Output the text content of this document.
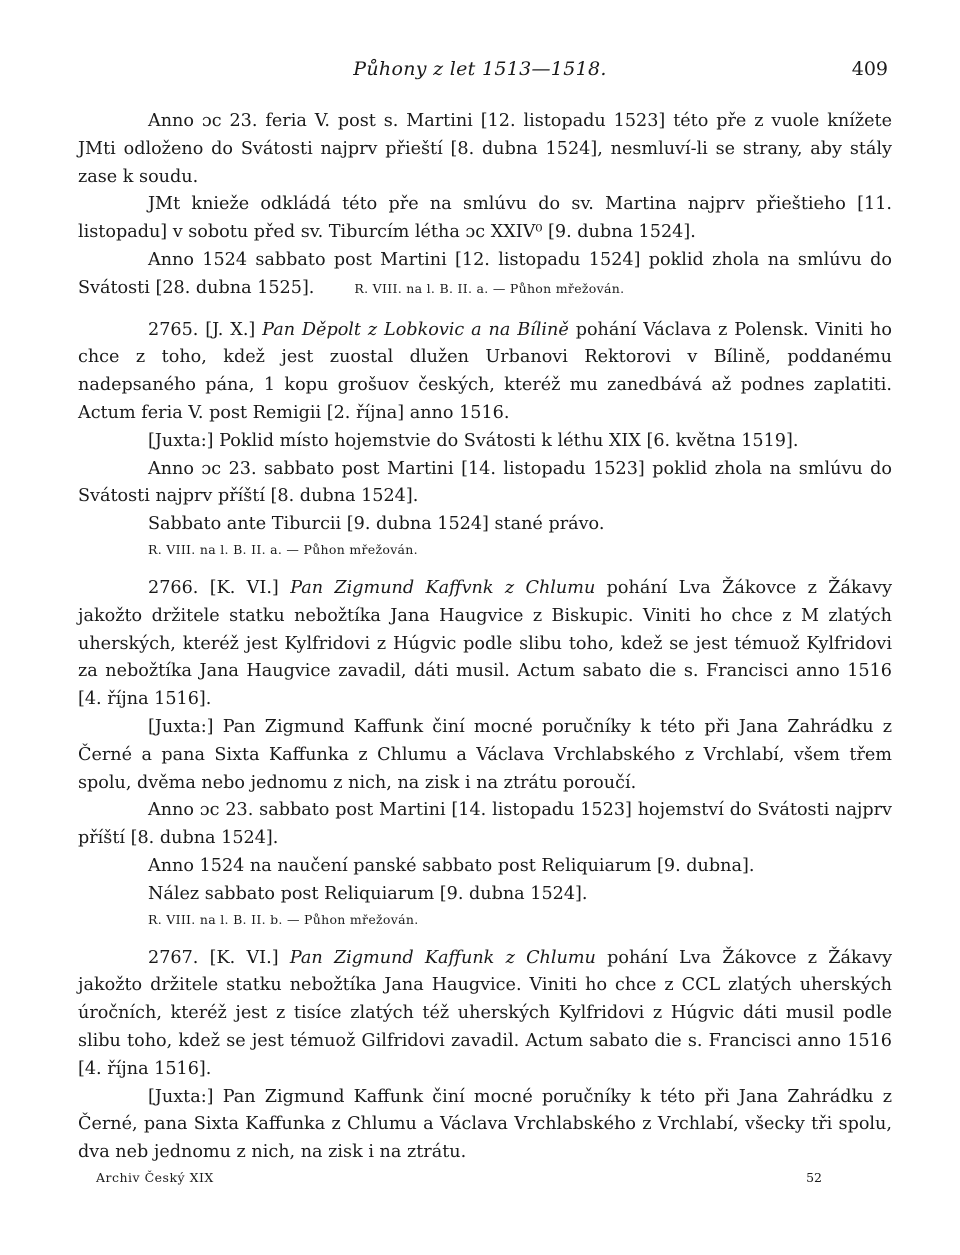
Půhony z let 1513—1518.	409

Anno ɔc 23. feria V. post s. Martini [12. listopadu 1523] této pře z vuole knížete JMti odloženo do Svátosti najprv přieští [8. dubna 1524], nesmluví-li se strany, aby stály zase k soudu.

JMt knieže odkládá této pře na smlúvu do sv. Martina najprv přieštieho [11. listopadu] v sobotu před sv. Tiburcím létha ɔc XXIV⁰ [9. dubna 1524].

Anno 1524 sabbato post Martini [12. listopadu 1524] poklid zhola na smlúvu do Svátosti [28. dubna 1525].	R. VIII. na l. B. II. a. — Půhon mřežován.

2765. [J. X.] Pan Děpolt z Lobkovic a na Bílině pohání Václava z Polensk. Viniti ho chce z toho, kdež jest zuostal dlužen Urbanovi Rektorovi v Bílině, poddanému nadepsaného pána, 1 kopu grošuov českých, kteréž mu zanedbává až podnes zaplatiti. Actum feria V. post Remigii [2. října] anno 1516.

[Juxta:] Poklid místo hojemstvie do Svátosti k léthu XIX [6. května 1519].

Anno ɔc 23. sabbato post Martini [14. listopadu 1523] poklid zhola na smlúvu do Svátosti najprv příští [8. dubna 1524].

Sabbato ante Tiburcii [9. dubna 1524] stané právo.

R. VIII. na l. B. II. a. — Půhon mřežován.

2766. [K. VI.] Pan Zigmund Kaffvnk z Chlumu pohání Lva Žákovce z Žákavy jakožto držitele statku nebožtíka Jana Haugvice z Biskupic. Viniti ho chce z M zlatých uherských, kteréž jest Kylfridovi z Húgvic podle slibu toho, kdež se jest témuož Kylfridovi za nebožtíka Jana Haugvice zavadil, dáti musil. Actum sabato die s. Francisci anno 1516 [4. října 1516].

[Juxta:] Pan Zigmund Kaffunk činí mocné poručníky k této při Jana Zahrádku z Černé a pana Sixta Kaffunka z Chlumu a Václava Vrchlabského z Vrchlabí, všem třem spolu, dvěma nebo jednomu z nich, na zisk i na ztrátu poroučí.

Anno ɔc 23. sabbato post Martini [14. listopadu 1523] hojemství do Svátosti najprv příští [8. dubna 1524].

Anno 1524 na naučení panské sabbato post Reliquiarum [9. dubna].

Nález sabbato post Reliquiarum [9. dubna 1524].

R. VIII. na l. B. II. b. — Půhon mřežován.

2767. [K. VI.] Pan Zigmund Kaffunk z Chlumu pohání Lva Žákovce z Žákavy jakožto držitele statku nebožtíka Jana Haugvice. Viniti ho chce z CCL zlatých uherských úročních, kteréž jest z tisíce zlatých též uherských Kylfridovi z Húgvic dáti musil podle slibu toho, kdež se jest témuož Gilfridovi zavadil. Actum sabato die s. Francisci anno 1516 [4. října 1516].

[Juxta:] Pan Zigmund Kaffunk činí mocné poručníky k této při Jana Zahrádku z Černé, pana Sixta Kaffunka z Chlumu a Václava Vrchlabského z Vrchlabí, všecky tři spolu, dva neb jednomu z nich, na zisk i na ztrátu.

Archiv Český XIX	52
